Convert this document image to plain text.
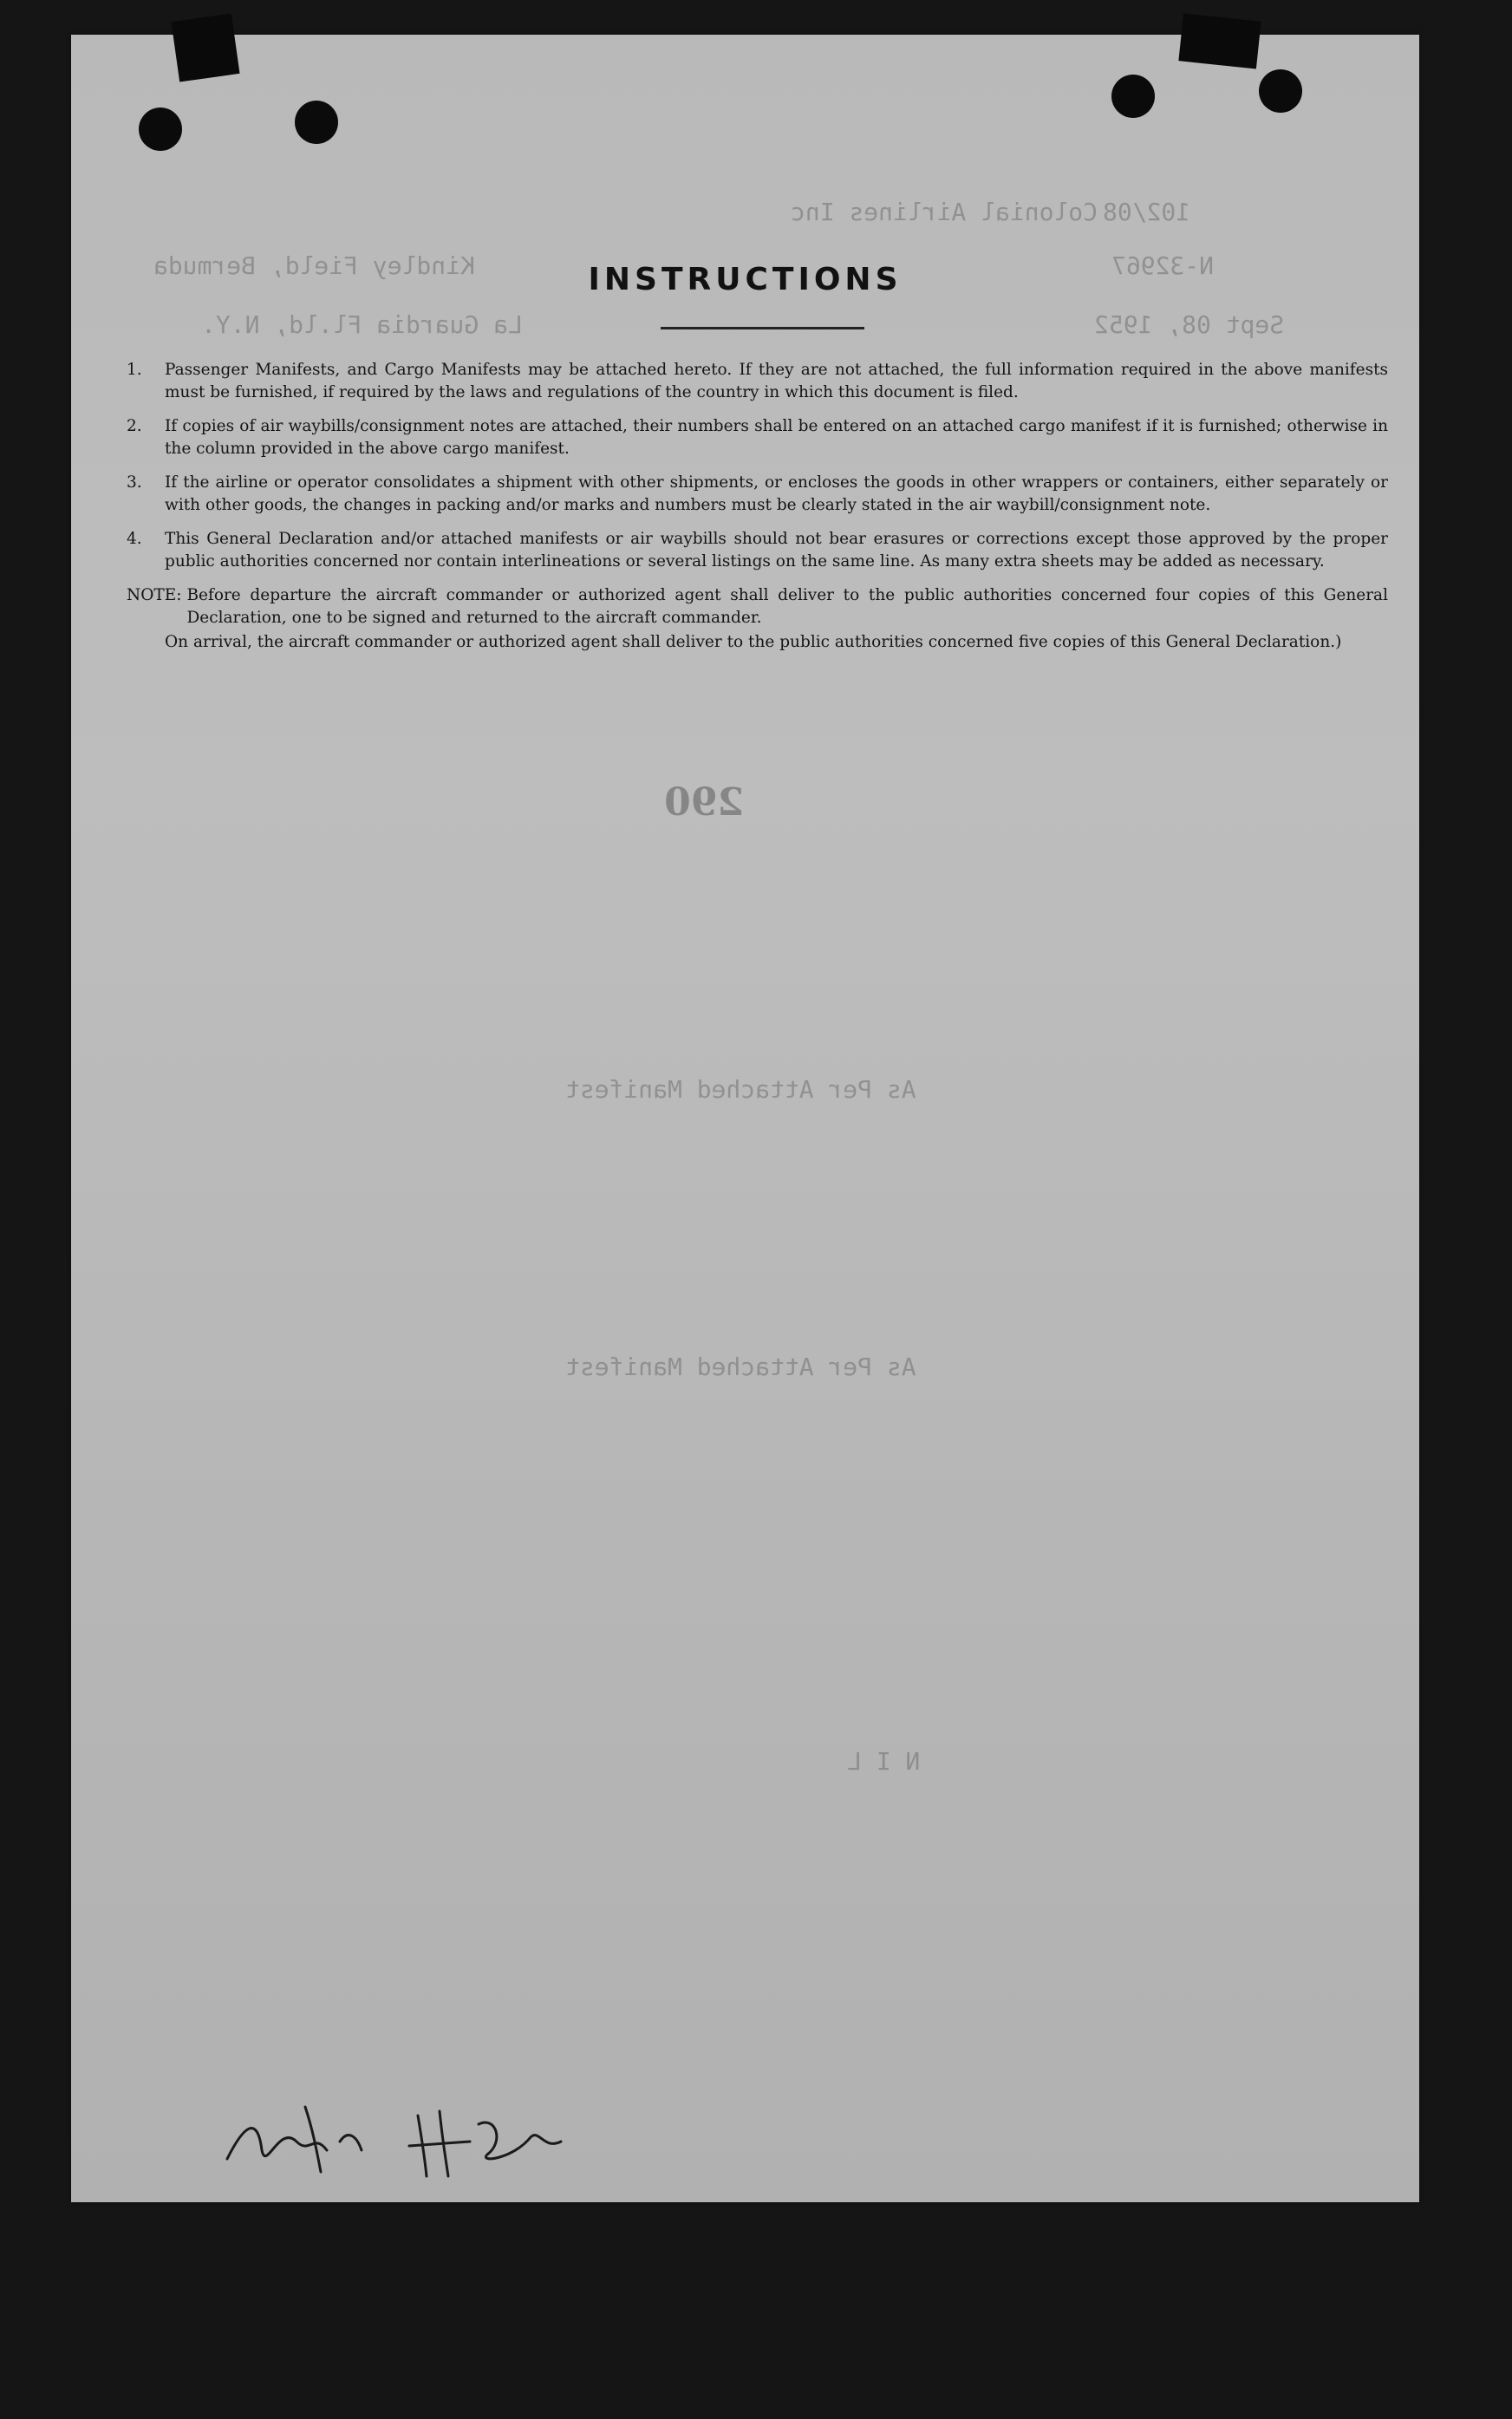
Colonial Airlines Inc 102/08
Kindley Field, Bermuda	N-32967
La Guardia Fl.ld, N.Y.	Sept 08, 1952
As Per Attached Manifest
As Per Attached Manifest
N I L
INSTRUCTIONS
1.	Passenger Manifests, and Cargo Manifests may be attached hereto. If they are not attached, the full information required in the above manifests must be furnished, if required by the laws and regulations of the country in which this document is filed.
2.	If copies of air waybills/consignment notes are attached, their numbers shall be entered on an attached cargo manifest if it is furnished; otherwise in the column provided in the above cargo manifest.
3.	If the airline or operator consolidates a shipment with other shipments, or encloses the goods in other wrappers or containers, either separately or with other goods, the changes in packing and/or marks and numbers must be clearly stated in the air waybill/consignment note.
4.	This General Declaration and/or attached manifests or air waybills should not bear erasures or corrections except those approved by the proper public authorities concerned nor contain interlineations or several listings on the same line. As many extra sheets may be added as necessary.
NOTE: Before departure the aircraft commander or authorized agent shall deliver to the public authorities concerned four copies of this General Declaration, one to be signed and returned to the aircraft commander.
On arrival, the aircraft commander or authorized agent shall deliver to the public authorities concerned five copies of this General Declaration.)
290
